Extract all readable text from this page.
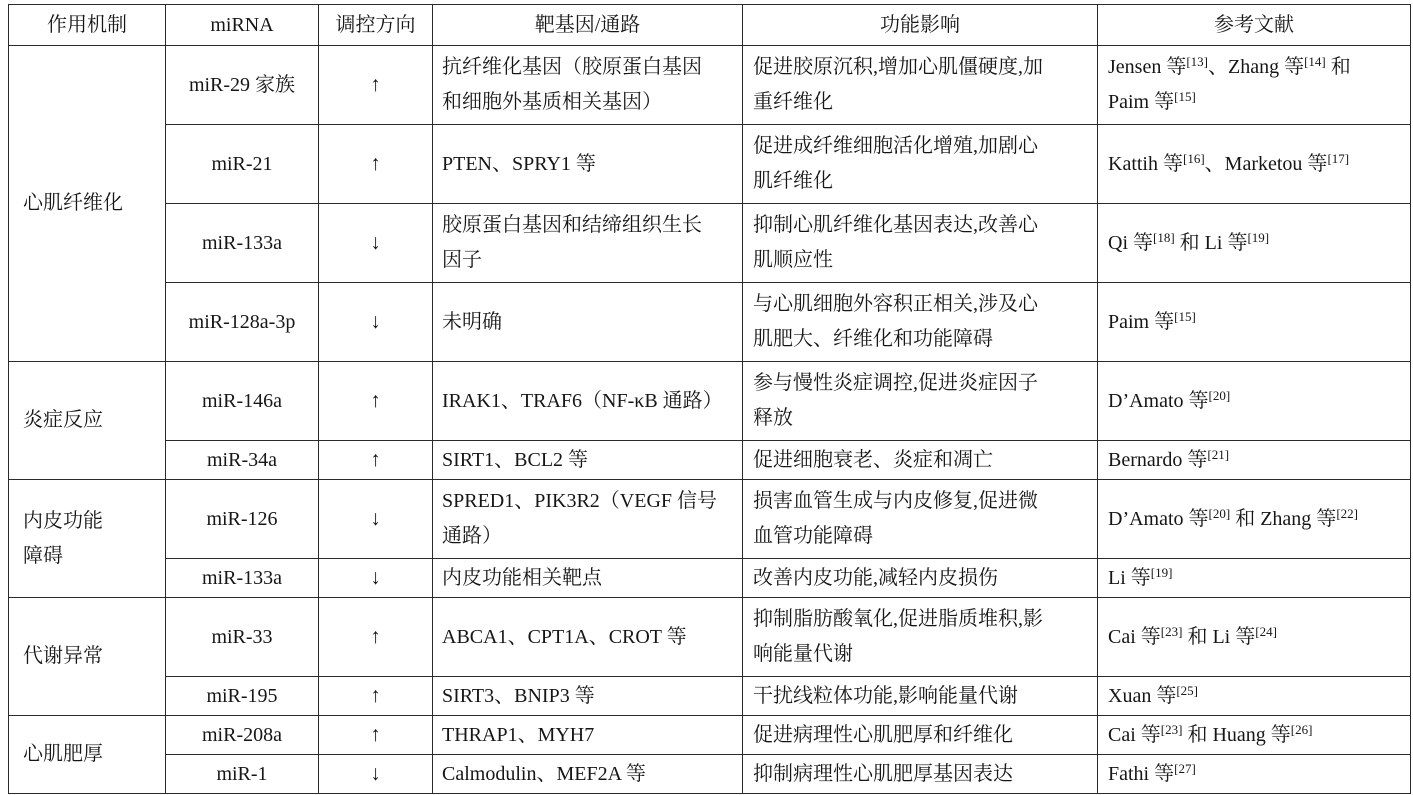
作用机制	miRNA	调控方向	靶基因/通路	功能影响	参考文献

心肌纤维化	miR-29 家族	↑	抗纤维化基因（胶原蛋白基因
和细胞外基质相关基因）	促进胶原沉积,增加心肌僵硬度,加
重纤维化	Jensen 等[13]、Zhang 等[14] 和
Paim 等[15]

	miR-21	↑	PTEN、SPRY1 等	促进成纤维细胞活化增殖,加剧心
肌纤维化	Kattih 等[16]、Marketou 等[17]

	miR-133a	↓	胶原蛋白基因和结缔组织生长
因子	抑制心肌纤维化基因表达,改善心
肌顺应性	Qi 等[18] 和 Li 等[19]

	miR-128a-3p	↓	未明确	与心肌细胞外容积正相关,涉及心
肌肥大、纤维化和功能障碍	Paim 等[15]

炎症反应	miR-146a	↑	IRAK1、TRAF6（NF-κB 通路）	参与慢性炎症调控,促进炎症因子
释放	D’Amato 等[20]

	miR-34a	↑	SIRT1、BCL2 等	促进细胞衰老、炎症和凋亡	Bernardo 等[21]

内皮功能
障碍	miR-126	↓	SPRED1、PIK3R2（VEGF 信号
通路）	损害血管生成与内皮修复,促进微
血管功能障碍	D’Amato 等[20] 和 Zhang 等[22]

	miR-133a	↓	内皮功能相关靶点	改善内皮功能,减轻内皮损伤	Li 等[19]

代谢异常	miR-33	↑	ABCA1、CPT1A、CROT 等	抑制脂肪酸氧化,促进脂质堆积,影
响能量代谢	Cai 等[23] 和 Li 等[24]

	miR-195	↑	SIRT3、BNIP3 等	干扰线粒体功能,影响能量代谢	Xuan 等[25]

心肌肥厚	miR-208a	↑	THRAP1、MYH7	促进病理性心肌肥厚和纤维化	Cai 等[23] 和 Huang 等[26]

	miR-1	↓	Calmodulin、MEF2A 等	抑制病理性心肌肥厚基因表达	Fathi 等[27]
